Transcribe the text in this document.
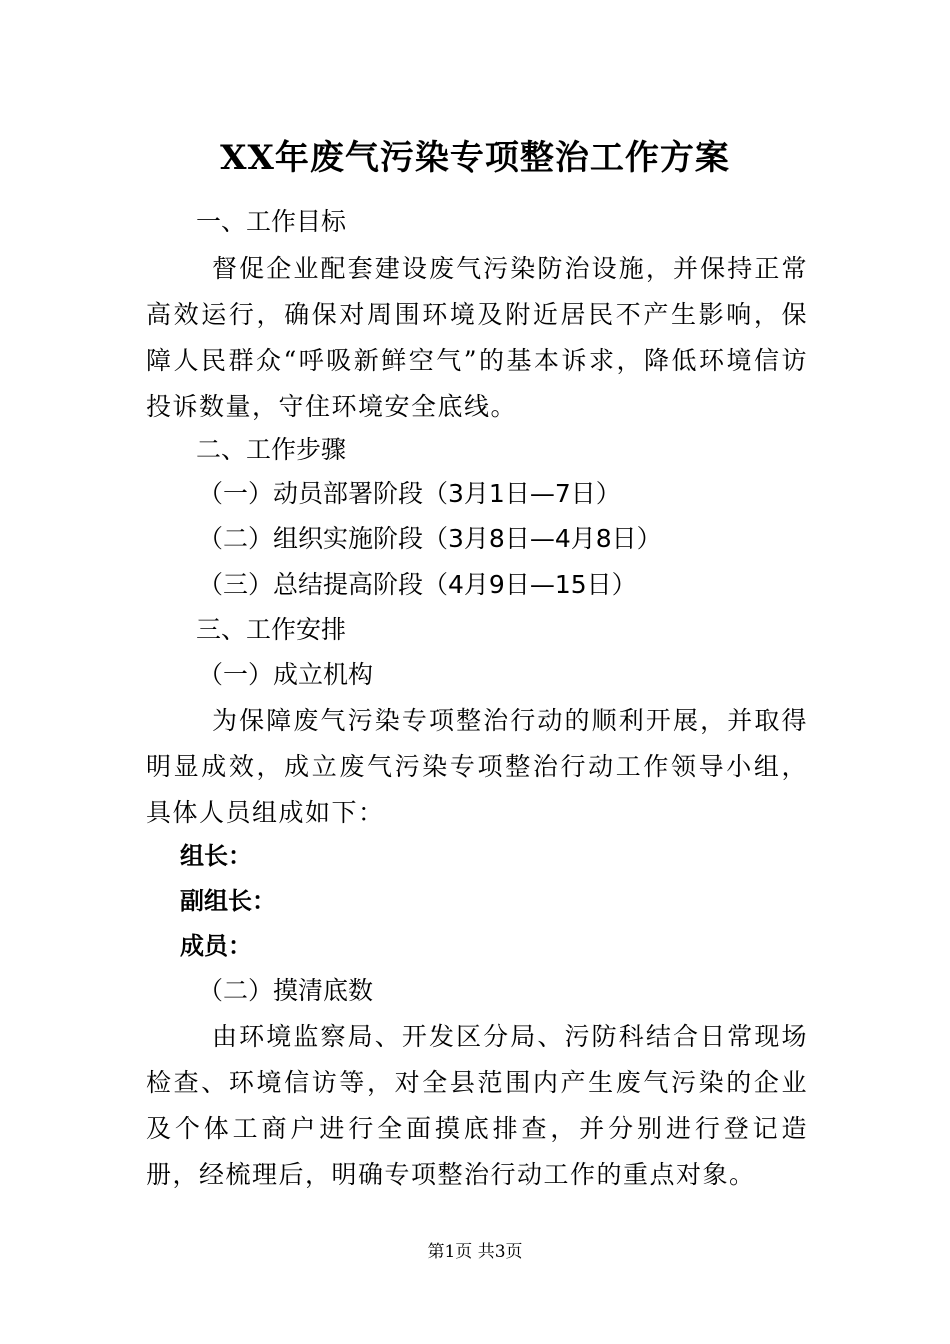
XX年废气污染专项整治工作方案

一、工作目标

督促企业配套建设废气污染防治设施，并保持正常高效运行，确保对周围环境及附近居民不产生影响，保障人民群众“呼吸新鲜空气”的基本诉求，降低环境信访投诉数量，守住环境安全底线。

二、工作步骤

（一）动员部署阶段（3月1日—7日）

（二）组织实施阶段（3月8日—4月8日）

（三）总结提高阶段（4月9日—15日）

三、工作安排

（一）成立机构

为保障废气污染专项整治行动的顺利开展，并取得明显成效，成立废气污染专项整治行动工作领导小组，具体人员组成如下：

组长：

副组长：

成员：

（二）摸清底数

由环境监察局、开发区分局、污防科结合日常现场检查、环境信访等，对全县范围内产生废气污染的企业及个体工商户进行全面摸底排查，并分别进行登记造册，经梳理后，明确专项整治行动工作的重点对象。

第1页 共3页
